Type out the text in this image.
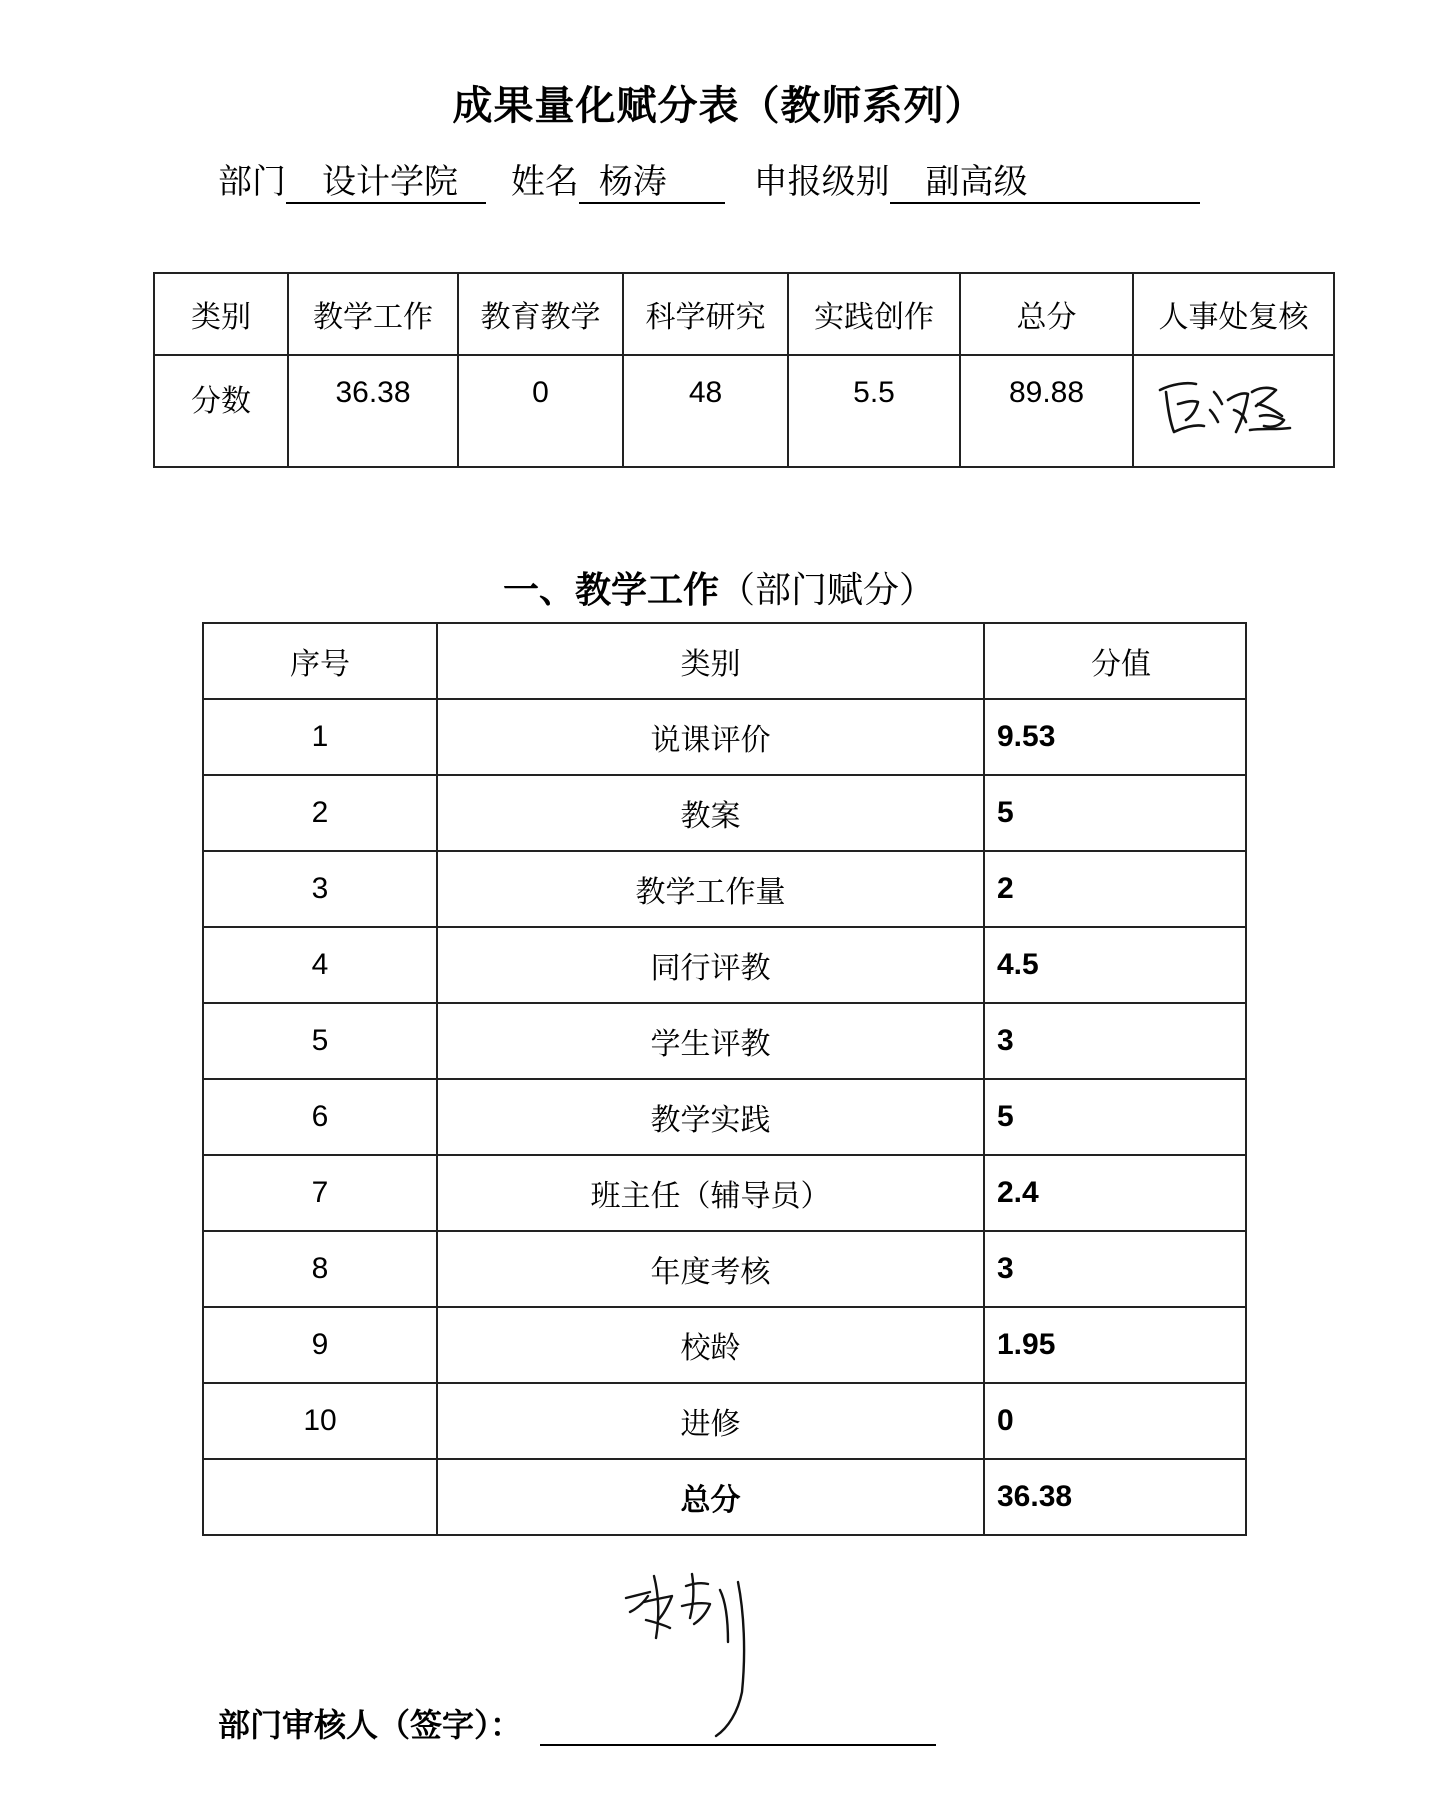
成果量化赋分表（教师系列）
部门 设计学院 姓名 杨涛	申报级别 副高级
类别	教学工作	教育教学	科学研究	实践创作	总分	人事处复核
分数	36.38	0	48	5.5	89.88	
一、教学工作（部门赋分）
序号	类别	分值
1	说课评价	9.53
2	教案	5
3	教学工作量	2
4	同行评教	4.5
5	学生评教	3
6	教学实践	5
7	班主任（辅导员）	2.4
8	年度考核	3
9	校龄	1.95
10	进修	0
	总分	36.38
部门审核人（签字）：
